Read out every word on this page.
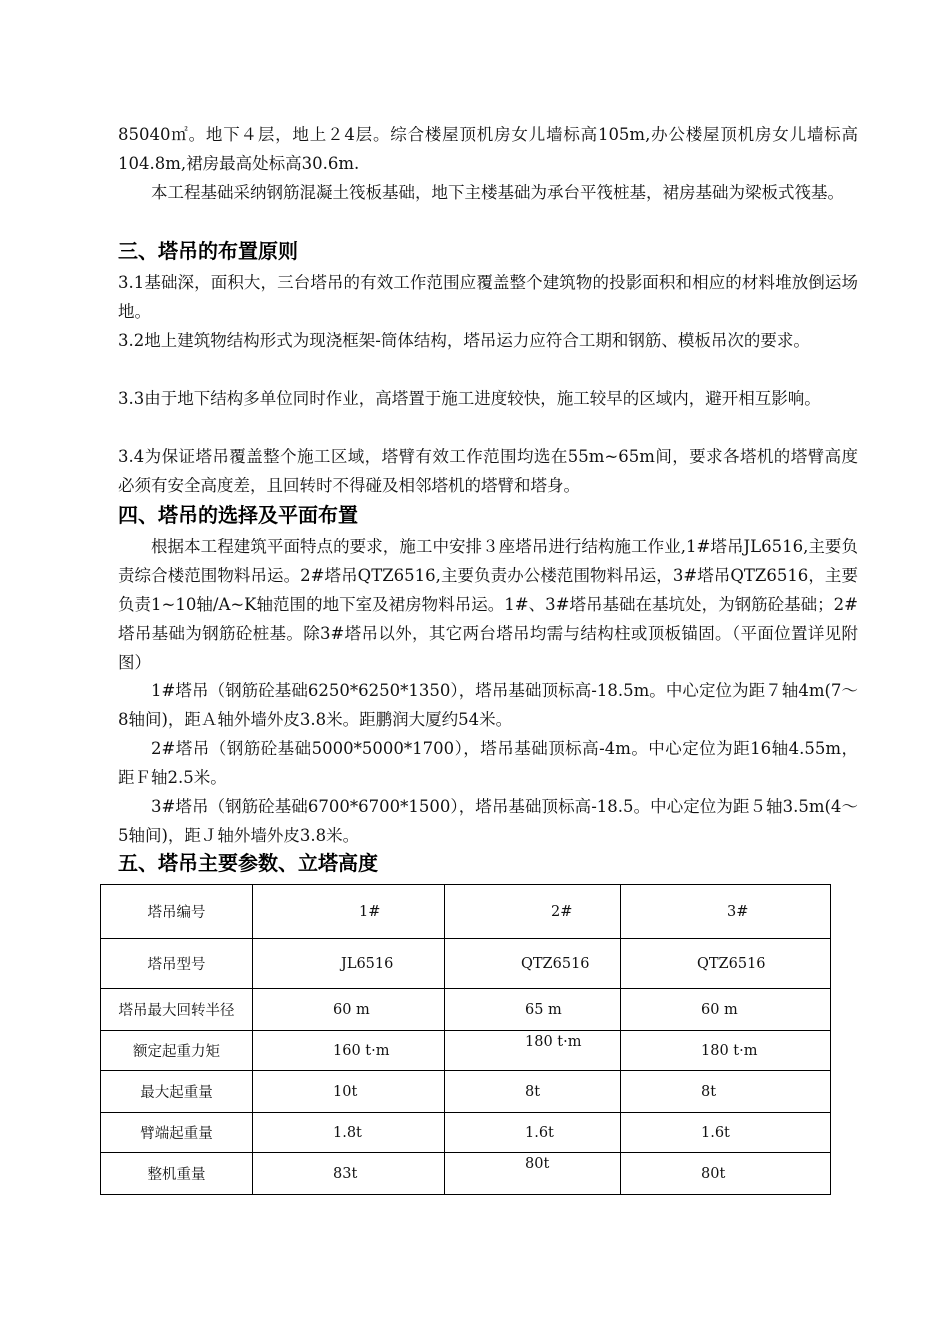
85040㎡。地下４层，地上２4层。综合楼屋顶机房女儿墙标高105m,办公楼屋顶机房女儿墙标高104.8m,裙房最高处标高30.6m.

本工程基础采纳钢筋混凝土筏板基础，地下主楼基础为承台平筏桩基，裙房基础为梁板式筏基。

三、塔吊的布置原则

3.1基础深，面积大，三台塔吊的有效工作范围应覆盖整个建筑物的投影面积和相应的材料堆放倒运场地。

3.2地上建筑物结构形式为现浇框架-筒体结构，塔吊运力应符合工期和钢筋、模板吊次的要求。

3.3由于地下结构多单位同时作业，高塔置于施工进度较快，施工较早的区域内，避开相互影响。

3.4为保证塔吊覆盖整个施工区域，塔臂有效工作范围均选在55m~65m间，要求各塔机的塔臂高度必须有安全高度差，且回转时不得碰及相邻塔机的塔臂和塔身。

四、塔吊的选择及平面布置

根据本工程建筑平面特点的要求，施工中安排３座塔吊进行结构施工作业,1#塔吊JL6516,主要负责综合楼范围物料吊运。2#塔吊QTZ6516,主要负责办公楼范围物料吊运，3#塔吊QTZ6516，主要负责1~10轴/A~K轴范围的地下室及裙房物料吊运。1#、3#塔吊基础在基坑处，为钢筋砼基础；2#塔吊基础为钢筋砼桩基。除3#塔吊以外，其它两台塔吊均需与结构柱或顶板锚固。（平面位置详见附图）

1#塔吊（钢筋砼基础6250*6250*1350），塔吊基础顶标高-18.5m。中心定位为距７轴4m(7～8轴间)，距Ａ轴外墙外皮3.8米。距鹏润大厦约54米。

2#塔吊（钢筋砼基础5000*5000*1700），塔吊基础顶标高-4m。中心定位为距16轴4.55m，距Ｆ轴2.5米。

3#塔吊（钢筋砼基础6700*6700*1500），塔吊基础顶标高-18.5。中心定位为距５轴3.5m(4～5轴间)，距Ｊ轴外墙外皮3.8米。

五、塔吊主要参数、立塔高度
塔吊编号	1#	2#	3#
塔吊型号	JL6516	QTZ6516	QTZ6516
塔吊最大回转半径	60 m	65 m	60 m
额定起重力矩	160 t·m	180 t·m	180 t·m
最大起重量	10t	8t	8t
臂端起重量	1.8t	1.6t	1.6t
整机重量	83t	80t	80t
